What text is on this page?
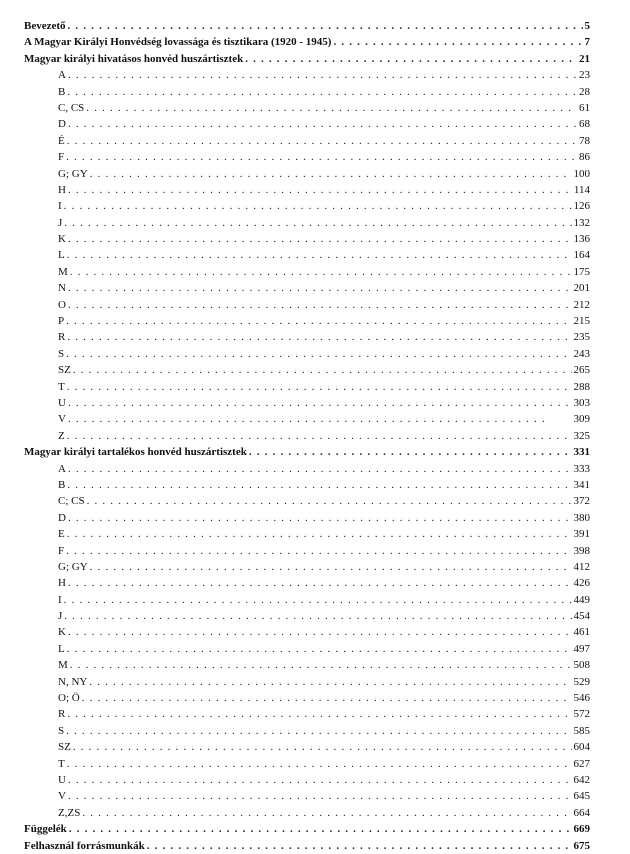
Bevezető . . .	5
A Magyar Királyi Honvédség lovassága és tisztikara (1920 - 1945) . . .	7
Magyar királyi hivatásos honvéd huszártisztek . . .	21
A . . .	23
B . . .	28
C, CS . . .	61
D . . .	68
É . . .	78
F . . .	86
G; GY . . .	100
H . . .	114
I . . .	126
J . . .	132
K . . .	136
L . . .	164
M . . .	175
N . . .	201
O . . .	212
P . . .	215
R . . .	235
S . . .	243
SZ . . .	265
T . . .	288
U . . .	303
V . . .	309
Z . . .	325
Magyar királyi tartalékos honvéd huszártisztek . . .	331
A . . .	333
B . . .	341
C; CS . . .	372
D . . .	380
E . . .	391
F . . .	398
G; GY . . .	412
H . . .	426
I . . .	449
J . . .	454
K . . .	461
L . . .	497
M . . .	508
N, NY . . .	529
O; Ö . . .	546
R . . .	572
S . . .	585
SZ . . .	604
T . . .	627
U . . .	642
V . . .	645
Z,ZS . . .	664
Függelék . . .	669
Felhasznál forrásmunkák . . .	675
